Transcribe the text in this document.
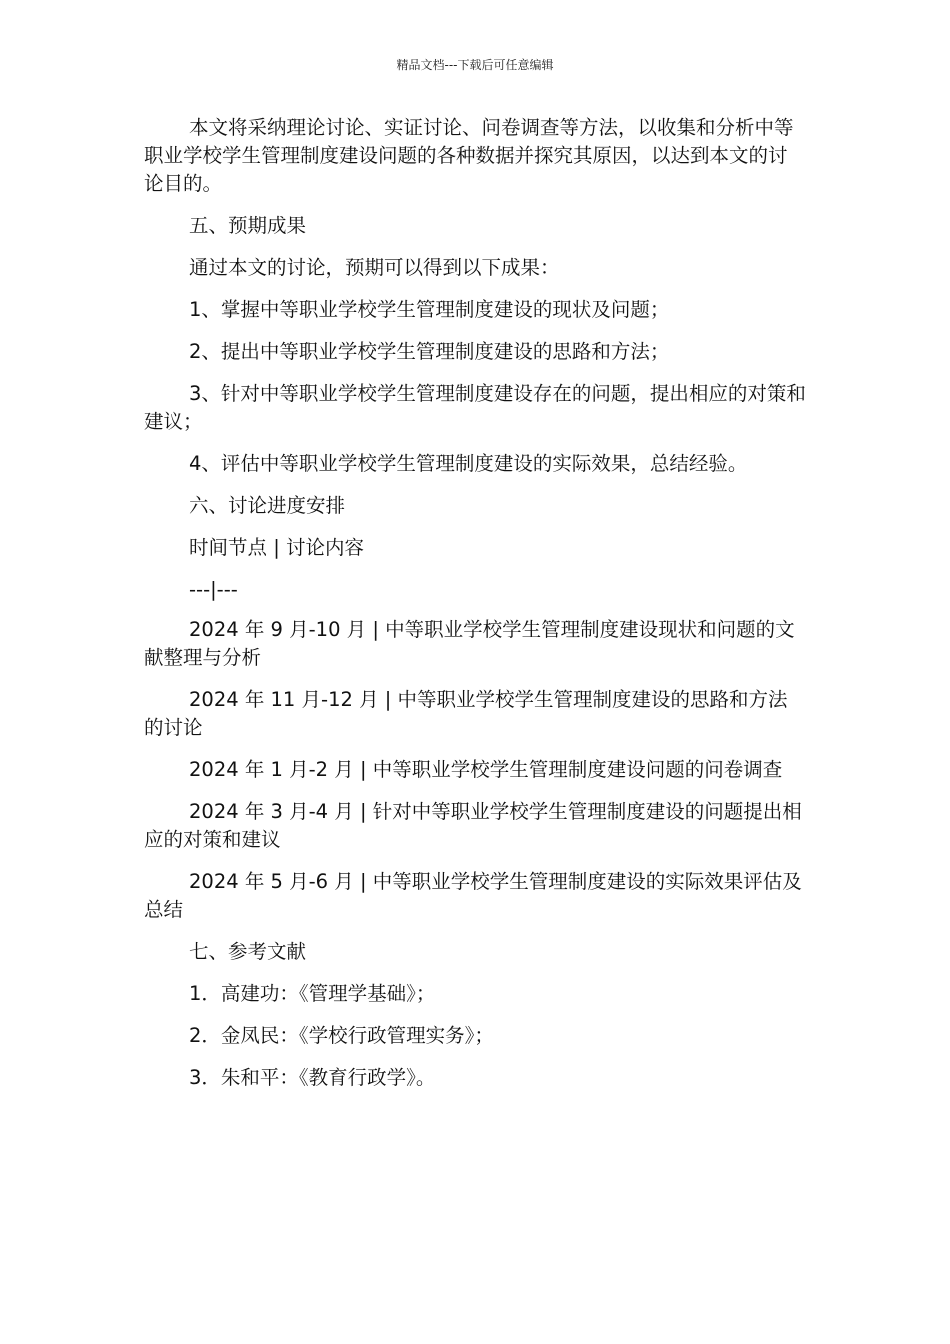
精品文档---下载后可任意编辑

本文将采纳理论讨论、实证讨论、问卷调查等方法，以收集和分析中等职业学校学生管理制度建设问题的各种数据并探究其原因，以达到本文的讨论目的。

五、预期成果

通过本文的讨论，预期可以得到以下成果：

1、掌握中等职业学校学生管理制度建设的现状及问题；

2、提出中等职业学校学生管理制度建设的思路和方法；

3、针对中等职业学校学生管理制度建设存在的问题，提出相应的对策和建议；

4、评估中等职业学校学生管理制度建设的实际效果，总结经验。

六、讨论进度安排

时间节点 | 讨论内容

---|---

2024 年 9 月-10 月 | 中等职业学校学生管理制度建设现状和问题的文献整理与分析

2024 年 11 月-12 月 | 中等职业学校学生管理制度建设的思路和方法的讨论

2024 年 1 月-2 月 | 中等职业学校学生管理制度建设问题的问卷调查

2024 年 3 月-4 月 | 针对中等职业学校学生管理制度建设的问题提出相应的对策和建议

2024 年 5 月-6 月 | 中等职业学校学生管理制度建设的实际效果评估及总结

七、参考文献

1．高建功：《管理学基础》；

2．金凤民：《学校行政管理实务》；

3．朱和平：《教育行政学》。
